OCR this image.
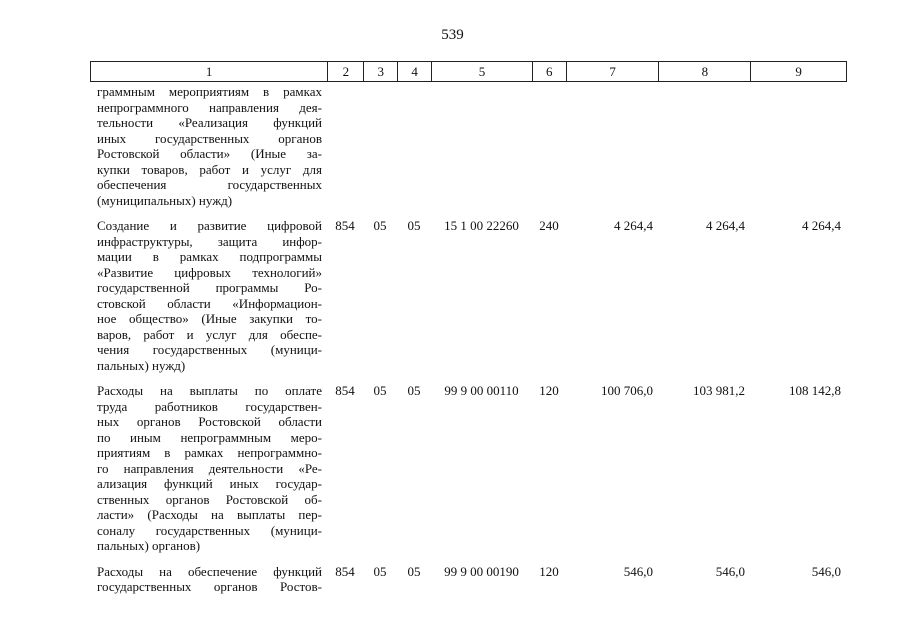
539
1	2	3	4	5	6	7	8	9
граммным мероприятиям в рамках
непрограммного направления дея-
тельности «Реализация функций
иных государственных органов
Ростовской области» (Иные за-
купки товаров, работ и услуг для
обеспечения государственных
(муниципальных) нужд)
Создание и развитие цифровой
инфраструктуры, защита инфор-
мации в рамках подпрограммы
«Развитие цифровых технологий»
государственной программы Ро-
стовской области «Информацион-
ное общество» (Иные закупки то-
варов, работ и услуг для обеспе-
чения государственных (муници-
пальных) нужд)
854	05	05	15 1 00 22260	240	4 264,4	4 264,4	4 264,4
Расходы на выплаты по оплате
труда работников государствен-
ных органов Ростовской области
по иным непрограммным меро-
приятиям в рамках непрограммно-
го направления деятельности «Ре-
ализация функций иных государ-
ственных органов Ростовской об-
ласти» (Расходы на выплаты пер-
соналу государственных (муници-
пальных) органов)
854	05	05	99 9 00 00110	120	100 706,0	103 981,2	108 142,8
Расходы на обеспечение функций
государственных органов Ростов-
854	05	05	99 9 00 00190	120	546,0	546,0	546,0
